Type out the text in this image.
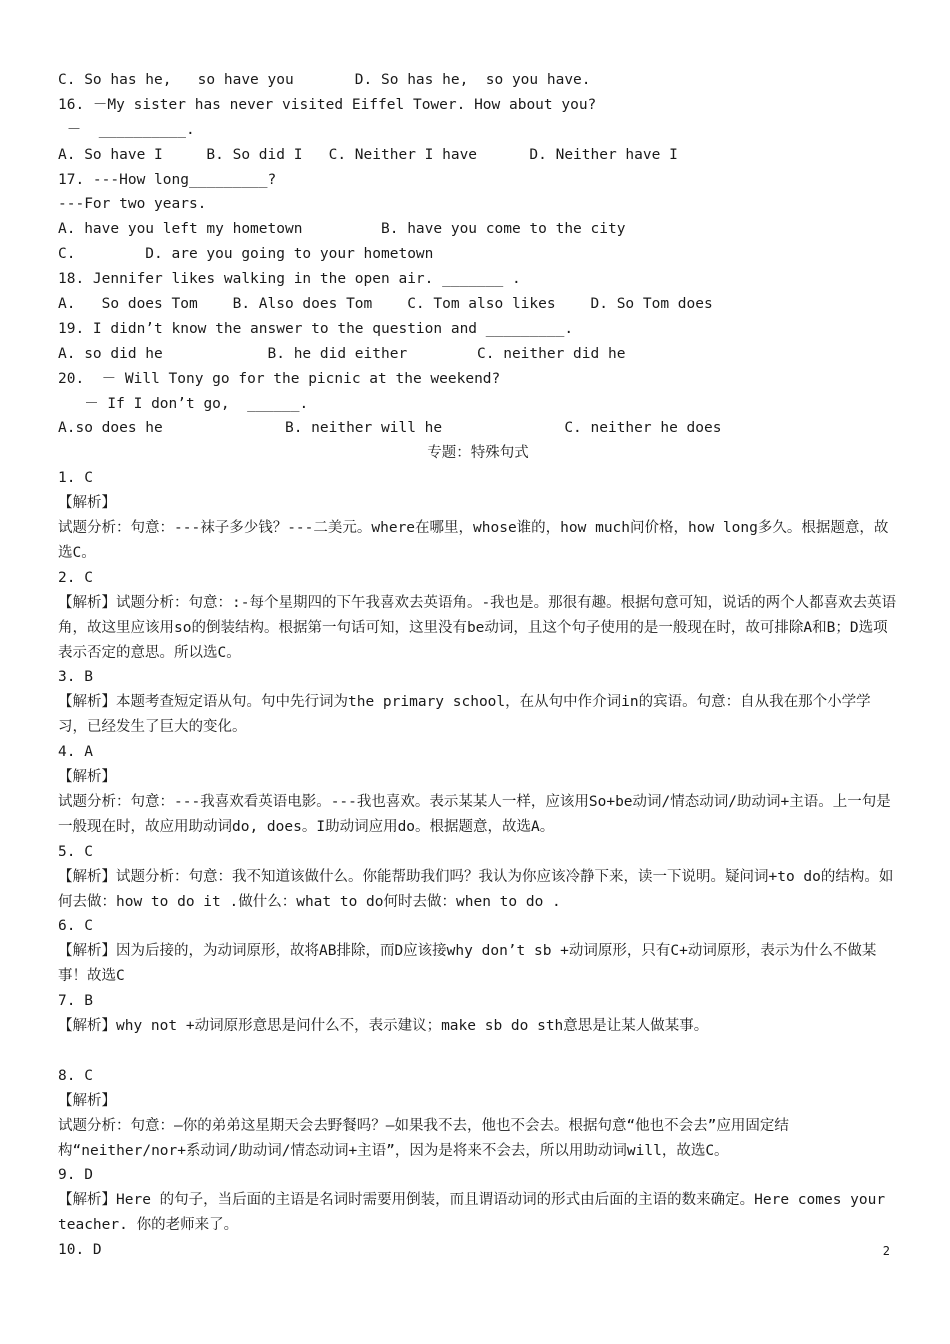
C. So has he,   so have you       D. So has he,  so you have.
16. －My sister has never visited Eiffel Tower. How about you?
－  __________.
A. So have I     B. So did I   C. Neither I have      D. Neither have I
17. ---How long_________?
---For two years.
A. have you left my hometown         B. have you come to the city
C.        D. are you going to your hometown
18. Jennifer likes walking in the open air. _______ .
A.   So does Tom    B. Also does Tom    C. Tom also likes    D. So Tom does
19. I didn’t know the answer to the question and _________.
A. so did he            B. he did either        C. neither did he
20.  － Will Tony go for the picnic at the weekend?
－ If I don’t go,  ______.
A.so does he              B. neither will he              C. neither he does
专题：特殊句式
1. C
【解析】
试题分析：句意：---袜子多少钱？---二美元。where在哪里，whose谁的，how much问价格，how long多久。根据题意，故选C。
2. C
【解析】试题分析：句意：:-每个星期四的下午我喜欢去英语角。-我也是。那很有趣。根据句意可知，说话的两个人都喜欢去英语角，故这里应该用so的倒装结构。根据第一句话可知，这里没有be动词，且这个句子使用的是一般现在时，故可排除A和B；D选项表示否定的意思。所以选C。
3. B
【解析】本题考查短定语从句。句中先行词为the primary school，在从句中作介词in的宾语。句意：自从我在那个小学学习，已经发生了巨大的变化。
4. A
【解析】
试题分析：句意：---我喜欢看英语电影。---我也喜欢。表示某某人一样，应该用So+be动词/情态动词/助动词+主语。上一句是一般现在时，故应用助动词do, does。I助动词应用do。根据题意，故选A。
5. C
【解析】试题分析：句意：我不知道该做什么。你能帮助我们吗？我认为你应该冷静下来，读一下说明。疑问词+to do的结构。如何去做：how to do it .做什么：what to do何时去做：when to do .
6. C
【解析】因为后接的，为动词原形，故将AB排除，而D应该接why don’t sb +动词原形，只有C+动词原形，表示为什么不做某事！故选C
7. B
【解析】why not +动词原形意思是问什么不，表示建议；make sb do sth意思是让某人做某事。
8. C
【解析】
试题分析：句意：—你的弟弟这星期天会去野餐吗？—如果我不去，他也不会去。根据句意“他也不会去”应用固定结构“neither/nor+系动词/助动词/情态动词+主语”，因为是将来不会去，所以用助动词will，故选C。
9. D
【解析】Here 的句子，当后面的主语是名词时需要用倒装，而且谓语动词的形式由后面的主语的数来确定。Here comes your teacher. 你的老师来了。
10. D	2
